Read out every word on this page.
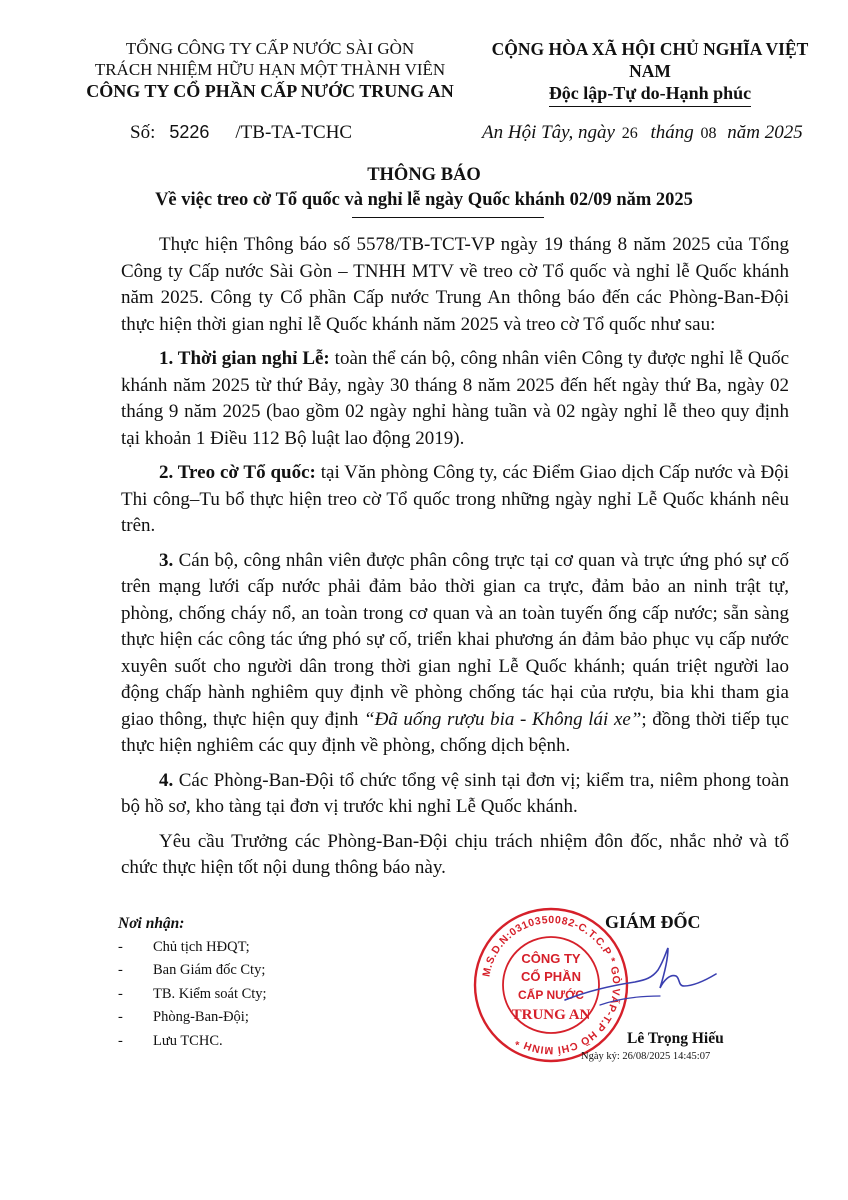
TỔNG CÔNG TY CẤP NƯỚC SÀI GÒN
TRÁCH NHIỆM HỮU HẠN MỘT THÀNH VIÊN
CÔNG TY CỔ PHẦN CẤP NƯỚC TRUNG AN
CỘNG HÒA XÃ HỘI CHỦ NGHĨA VIỆT NAM
Độc lập-Tự do-Hạnh phúc
Số: 5226 /TB-TA-TCHC	An Hội Tây, ngày 26 tháng 08 năm 2025
THÔNG BÁO
Về việc treo cờ Tổ quốc và nghỉ lễ ngày Quốc khánh 02/09 năm 2025

Thực hiện Thông báo số 5578/TB-TCT-VP ngày 19 tháng 8 năm 2025 của Tổng Công ty Cấp nước Sài Gòn – TNHH MTV về treo cờ Tổ quốc và nghỉ lễ Quốc khánh năm 2025. Công ty Cổ phần Cấp nước Trung An thông báo đến các Phòng-Ban-Đội thực hiện thời gian nghỉ lễ Quốc khánh năm 2025 và treo cờ Tổ quốc như sau:

1. Thời gian nghỉ Lễ: toàn thể cán bộ, công nhân viên Công ty được nghỉ lễ Quốc khánh năm 2025 từ thứ Bảy, ngày 30 tháng 8 năm 2025 đến hết ngày thứ Ba, ngày 02 tháng 9 năm 2025 (bao gồm 02 ngày nghỉ hàng tuần và 02 ngày nghỉ lễ theo quy định tại khoản 1 Điều 112 Bộ luật lao động 2019).

2. Treo cờ Tổ quốc: tại Văn phòng Công ty, các Điểm Giao dịch Cấp nước và Đội Thi công–Tu bổ thực hiện treo cờ Tổ quốc trong những ngày nghỉ Lễ Quốc khánh nêu trên.

3. Cán bộ, công nhân viên được phân công trực tại cơ quan và trực ứng phó sự cố trên mạng lưới cấp nước phải đảm bảo thời gian ca trực, đảm bảo an ninh trật tự, phòng, chống cháy nổ, an toàn trong cơ quan và an toàn tuyến ống cấp nước; sẵn sàng thực hiện các công tác ứng phó sự cố, triển khai phương án đảm bảo phục vụ cấp nước xuyên suốt cho người dân trong thời gian nghỉ Lễ Quốc khánh; quán triệt người lao động chấp hành nghiêm quy định về phòng chống tác hại của rượu, bia khi tham gia giao thông, thực hiện quy định “Đã uống rượu bia - Không lái xe”; đồng thời tiếp tục thực hiện nghiêm các quy định về phòng, chống dịch bệnh.

4. Các Phòng-Ban-Đội tổ chức tổng vệ sinh tại đơn vị; kiểm tra, niêm phong toàn bộ hồ sơ, kho tàng tại đơn vị trước khi nghỉ Lễ Quốc khánh.

Yêu cầu Trưởng các Phòng-Ban-Đội chịu trách nhiệm đôn đốc, nhắc nhở và tổ chức thực hiện tốt nội dung thông báo này.

Nơi nhận:
- Chủ tịch HĐQT;
- Ban Giám đốc Cty;
- TB. Kiểm soát Cty;
- Phòng-Ban-Đội;
- Lưu TCHC.
M.S.D.N:0310350082-C.T.C.P * GÒ VẤP-T.P HỒ CHÍ MINH *
CÔNG TY
CỔ PHẦN
CẤP NƯỚC
TRUNG AN
GIÁM ĐỐC
Lê Trọng Hiếu
Ngày ký: 26/08/2025 14:45:07
